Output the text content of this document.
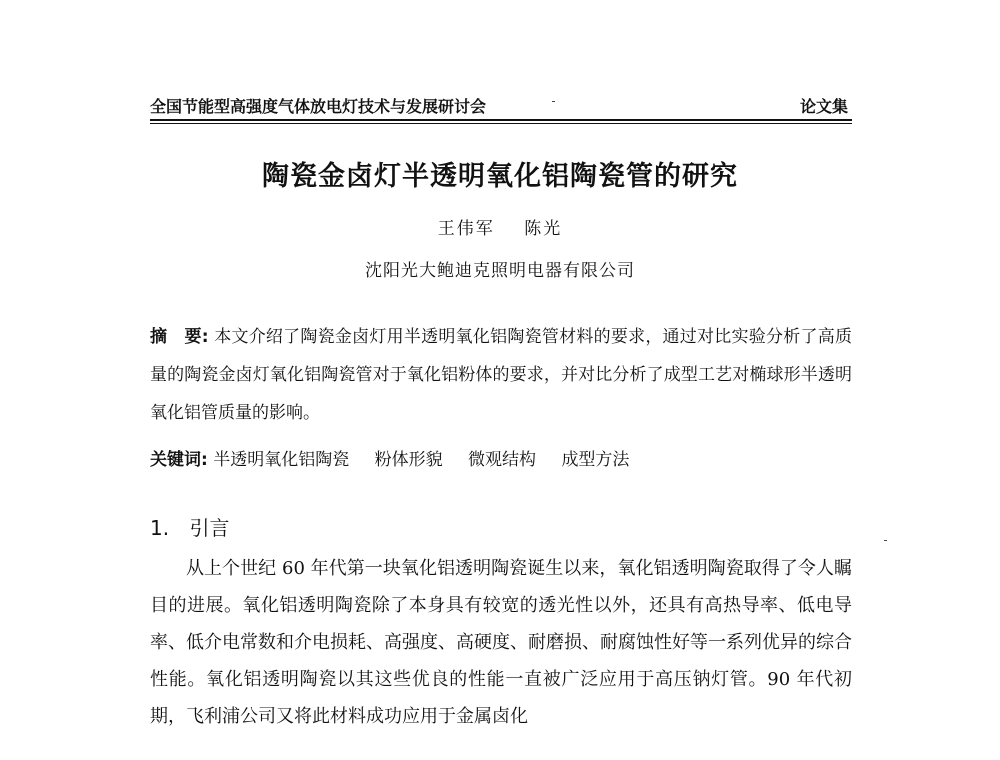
全国节能型高强度气体放电灯技术与发展研讨会	论文集
陶瓷金卤灯半透明氧化铝陶瓷管的研究
王伟军 陈光
沈阳光大鲍迪克照明电器有限公司
摘　要: 本文介绍了陶瓷金卤灯用半透明氧化铝陶瓷管材料的要求，通过对比实验分析了高质量的陶瓷金卤灯氧化铝陶瓷管对于氧化铝粉体的要求，并对比分析了成型工艺对椭球形半透明氧化铝管质量的影响。
关键词: 半透明氧化铝陶瓷 粉体形貌 微观结构 成型方法
1. 引言
从上个世纪 60 年代第一块氧化铝透明陶瓷诞生以来，氧化铝透明陶瓷取得了令人瞩目的进展。氧化铝透明陶瓷除了本身具有较宽的透光性以外，还具有高热导率、低电导率、低介电常数和介电损耗、高强度、高硬度、耐磨损、耐腐蚀性好等一系列优异的综合性能。氧化铝透明陶瓷以其这些优良的性能一直被广泛应用于高压钠灯管。90 年代初期，飞利浦公司又将此材料成功应用于金属卤化
